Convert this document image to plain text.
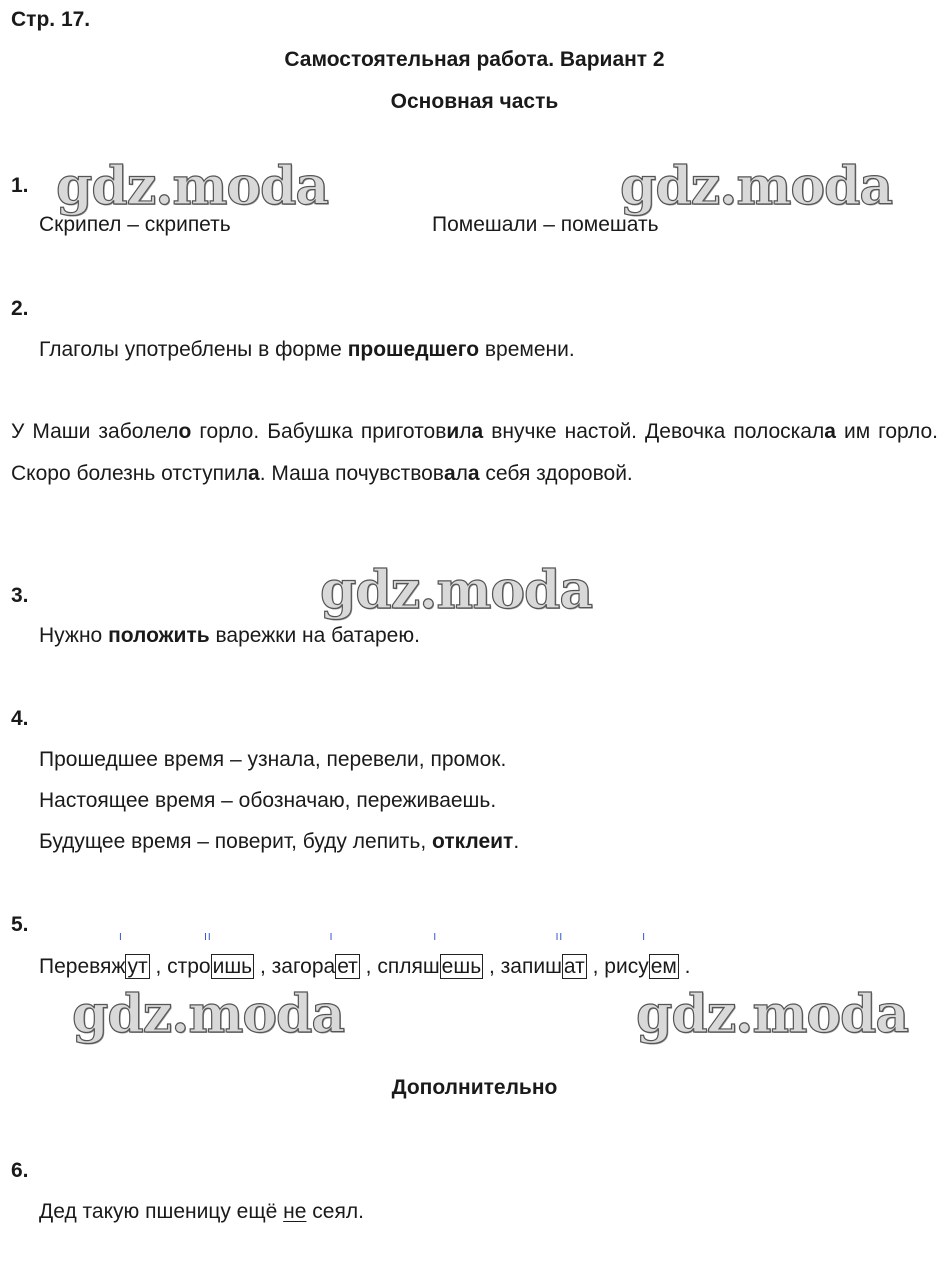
Стр. 17.
Самостоятельная работа. Вариант 2
Основная часть
gdz.moda	gdz.moda
gdz.moda
gdz.moda	gdz.moda
1.
Скрипел – скрипеть	Помешали – помешать
2.
Глаголы употреблены в форме прошедшего времени.
У Маши заболело горло. Бабушка приготовила внучке настой. Девочка полоскала им горло. Скоро болезнь отступила. Маша почувствовала себя здоровой.
3.
Нужно положить варежки на батарею.
4.
Прошедшее время – узнала, перевели, промок.
Настоящее время – обозначаю, переживаешь.
Будущее время – поверит, буду лепить, отклеит.
5.
Перевяж
I
ут , стро
II
ишь , загора
I
ет , спляш
I
ешь , запиш
II
ат , рису
I
ем .
Дополнительно
6.
Дед такую пшеницу ещё не сеял.
